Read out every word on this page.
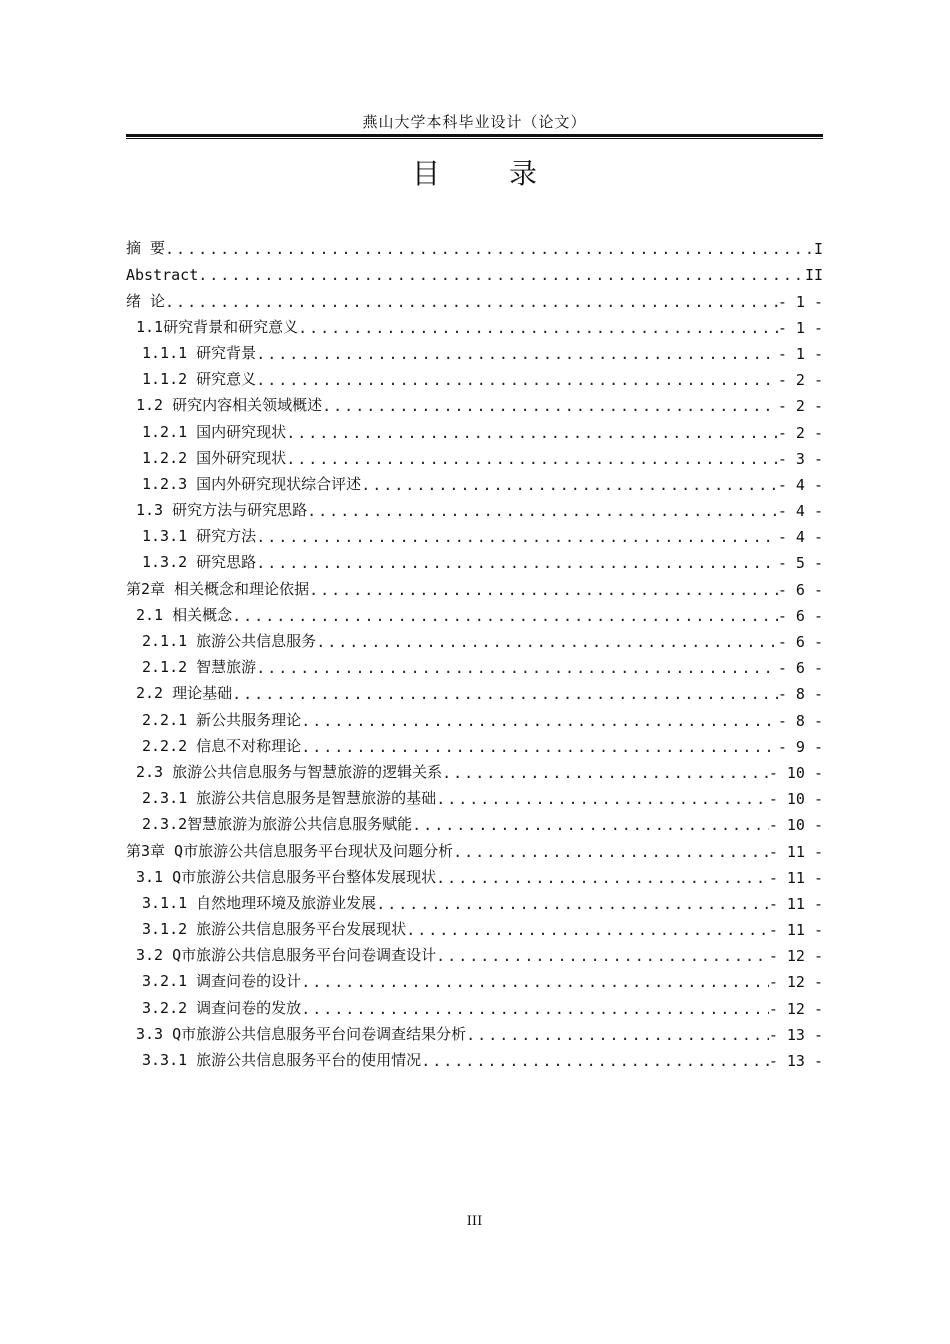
燕山大学本科毕业设计（论文）
目 录
摘 要 .....	I
Abstract .....	II
绪 论 .....	- 1 -
1.1研究背景和研究意义 .....	- 1 -
1.1.1 研究背景 .....	- 1 -
1.1.2 研究意义 .....	- 2 -
1.2 研究内容相关领域概述 .....	- 2 -
1.2.1 国内研究现状 .....	- 2 -
1.2.2 国外研究现状 .....	- 3 -
1.2.3 国内外研究现状综合评述 .....	- 4 -
1.3 研究方法与研究思路 .....	- 4 -
1.3.1 研究方法 .....	- 4 -
1.3.2 研究思路 .....	- 5 -
第2章 相关概念和理论依据 .....	- 6 -
2.1 相关概念 .....	- 6 -
2.1.1 旅游公共信息服务 .....	- 6 -
2.1.2 智慧旅游 .....	- 6 -
2.2 理论基础 .....	- 8 -
2.2.1 新公共服务理论 .....	- 8 -
2.2.2 信息不对称理论 .....	- 9 -
2.3 旅游公共信息服务与智慧旅游的逻辑关系 .....	- 10 -
2.3.1 旅游公共信息服务是智慧旅游的基础 .....	- 10 -
2.3.2智慧旅游为旅游公共信息服务赋能 .....	- 10 -
第3章 Q市旅游公共信息服务平台现状及问题分析 .....	- 11 -
3.1 Q市旅游公共信息服务平台整体发展现状 .....	- 11 -
3.1.1 自然地理环境及旅游业发展 .....	- 11 -
3.1.2 旅游公共信息服务平台发展现状 .....	- 11 -
3.2 Q市旅游公共信息服务平台问卷调查设计 .....	- 12 -
3.2.1 调查问卷的设计 .....	- 12 -
3.2.2 调查问卷的发放 .....	- 12 -
3.3 Q市旅游公共信息服务平台问卷调查结果分析 .....	- 13 -
3.3.1 旅游公共信息服务平台的使用情况 .....	- 13 -
III
